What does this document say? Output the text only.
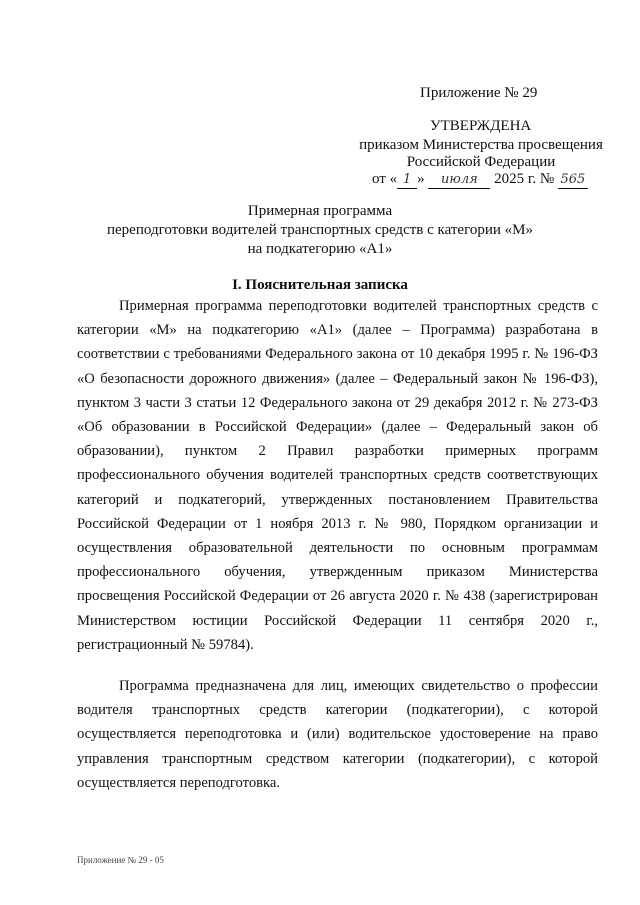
Приложение № 29
УТВЕРЖДЕНА
приказом Министерства просвещения
Российской Федерации
от « 1 » июля 2025 г. № 565
Примерная программа
переподготовки водителей транспортных средств с категории «М»
на подкатегорию «А1»
I. Пояснительная записка
Примерная программа переподготовки водителей транспортных средств с категории «М» на подкатегорию «А1» (далее – Программа) разработана в соответствии с требованиями Федерального закона от 10 декабря 1995 г. № 196-ФЗ «О безопасности дорожного движения» (далее – Федеральный закон № 196-ФЗ), пунктом 3 части 3 статьи 12 Федерального закона от 29 декабря 2012 г. № 273-ФЗ «Об образовании в Российской Федерации» (далее – Федеральный закон об образовании), пунктом 2 Правил разработки примерных программ профессионального обучения водителей транспортных средств соответствующих категорий и подкатегорий, утвержденных постановлением Правительства Российской Федерации от 1 ноября 2013 г. № 980, Порядком организации и осуществления образовательной деятельности по основным программам профессионального обучения, утвержденным приказом Министерства просвещения Российской Федерации от 26 августа 2020 г. № 438 (зарегистрирован Министерством юстиции Российской Федерации 11 сентября 2020 г., регистрационный № 59784).
Программа предназначена для лиц, имеющих свидетельство о профессии водителя транспортных средств категории (подкатегории), с которой осуществляется переподготовка и (или) водительское удостоверение на право управления транспортным средством категории (подкатегории), с которой осуществляется переподготовка.
Приложение № 29 - 05
